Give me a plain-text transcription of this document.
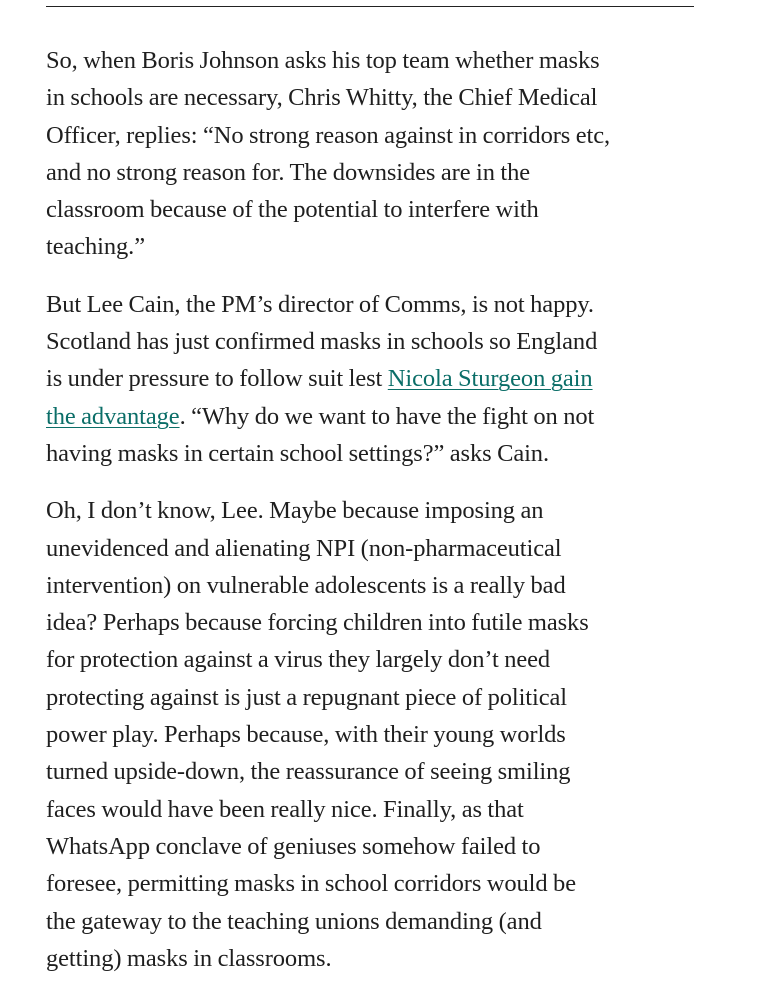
So, when Boris Johnson asks his top team whether masks
in schools are necessary, Chris Whitty, the Chief Medical
Officer, replies: “No strong reason against in corridors etc,
and no strong reason for. The downsides are in the
classroom because of the potential to interfere with
teaching.”

But Lee Cain, the PM’s director of Comms, is not happy.
Scotland has just confirmed masks in schools so England
is under pressure to follow suit lest Nicola Sturgeon gain
the advantage. “Why do we want to have the fight on not
having masks in certain school settings?” asks Cain.

Oh, I don’t know, Lee. Maybe because imposing an
unevidenced and alienating NPI (non-pharmaceutical
intervention) on vulnerable adolescents is a really bad
idea? Perhaps because forcing children into futile masks
for protection against a virus they largely don’t need
protecting against is just a repugnant piece of political
power play. Perhaps because, with their young worlds
turned upside-down, the reassurance of seeing smiling
faces would have been really nice. Finally, as that
WhatsApp conclave of geniuses somehow failed to
foresee, permitting masks in school corridors would be
the gateway to the teaching unions demanding (and
getting) masks in classrooms.
